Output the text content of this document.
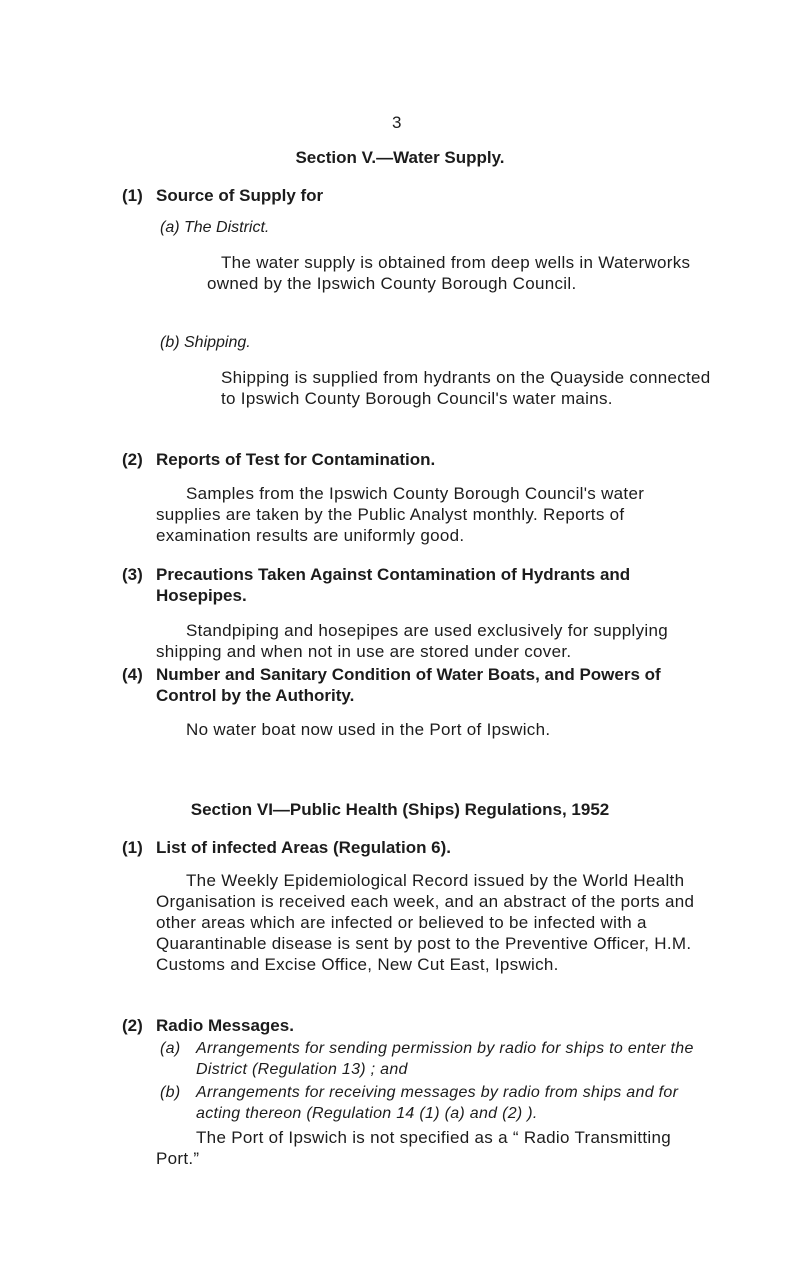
3
Section V.—Water Supply.
(1) Source of Supply for
(a) The District.
The water supply is obtained from deep wells in Waterworks owned by the Ipswich County Borough Council.
(b) Shipping.
Shipping is supplied from hydrants on the Quayside connected to Ipswich County Borough Council's water mains.
(2) Reports of Test for Contamination.
Samples from the Ipswich County Borough Council's water supplies are taken by the Public Analyst monthly. Reports of examination results are uniformly good.
(3) Precautions Taken Against Contamination of Hydrants and Hosepipes.
Standpiping and hosepipes are used exclusively for supplying shipping and when not in use are stored under cover.
(4) Number and Sanitary Condition of Water Boats, and Powers of Control by the Authority.
No water boat now used in the Port of Ipswich.
Section VI—Public Health (Ships) Regulations, 1952
(1) List of infected Areas (Regulation 6).
The Weekly Epidemiological Record issued by the World Health Organisation is received each week, and an abstract of the ports and other areas which are infected or believed to be infected with a Quarantinable disease is sent by post to the Preventive Officer, H.M. Customs and Excise Office, New Cut East, Ipswich.
(2) Radio Messages.
(a) Arrangements for sending permission by radio for ships to enter the District (Regulation 13) ; and
(b) Arrangements for receiving messages by radio from ships and for acting thereon (Regulation 14 (1) (a) and (2) ).
The Port of Ipswich is not specified as a “ Radio Transmitting Port.”
